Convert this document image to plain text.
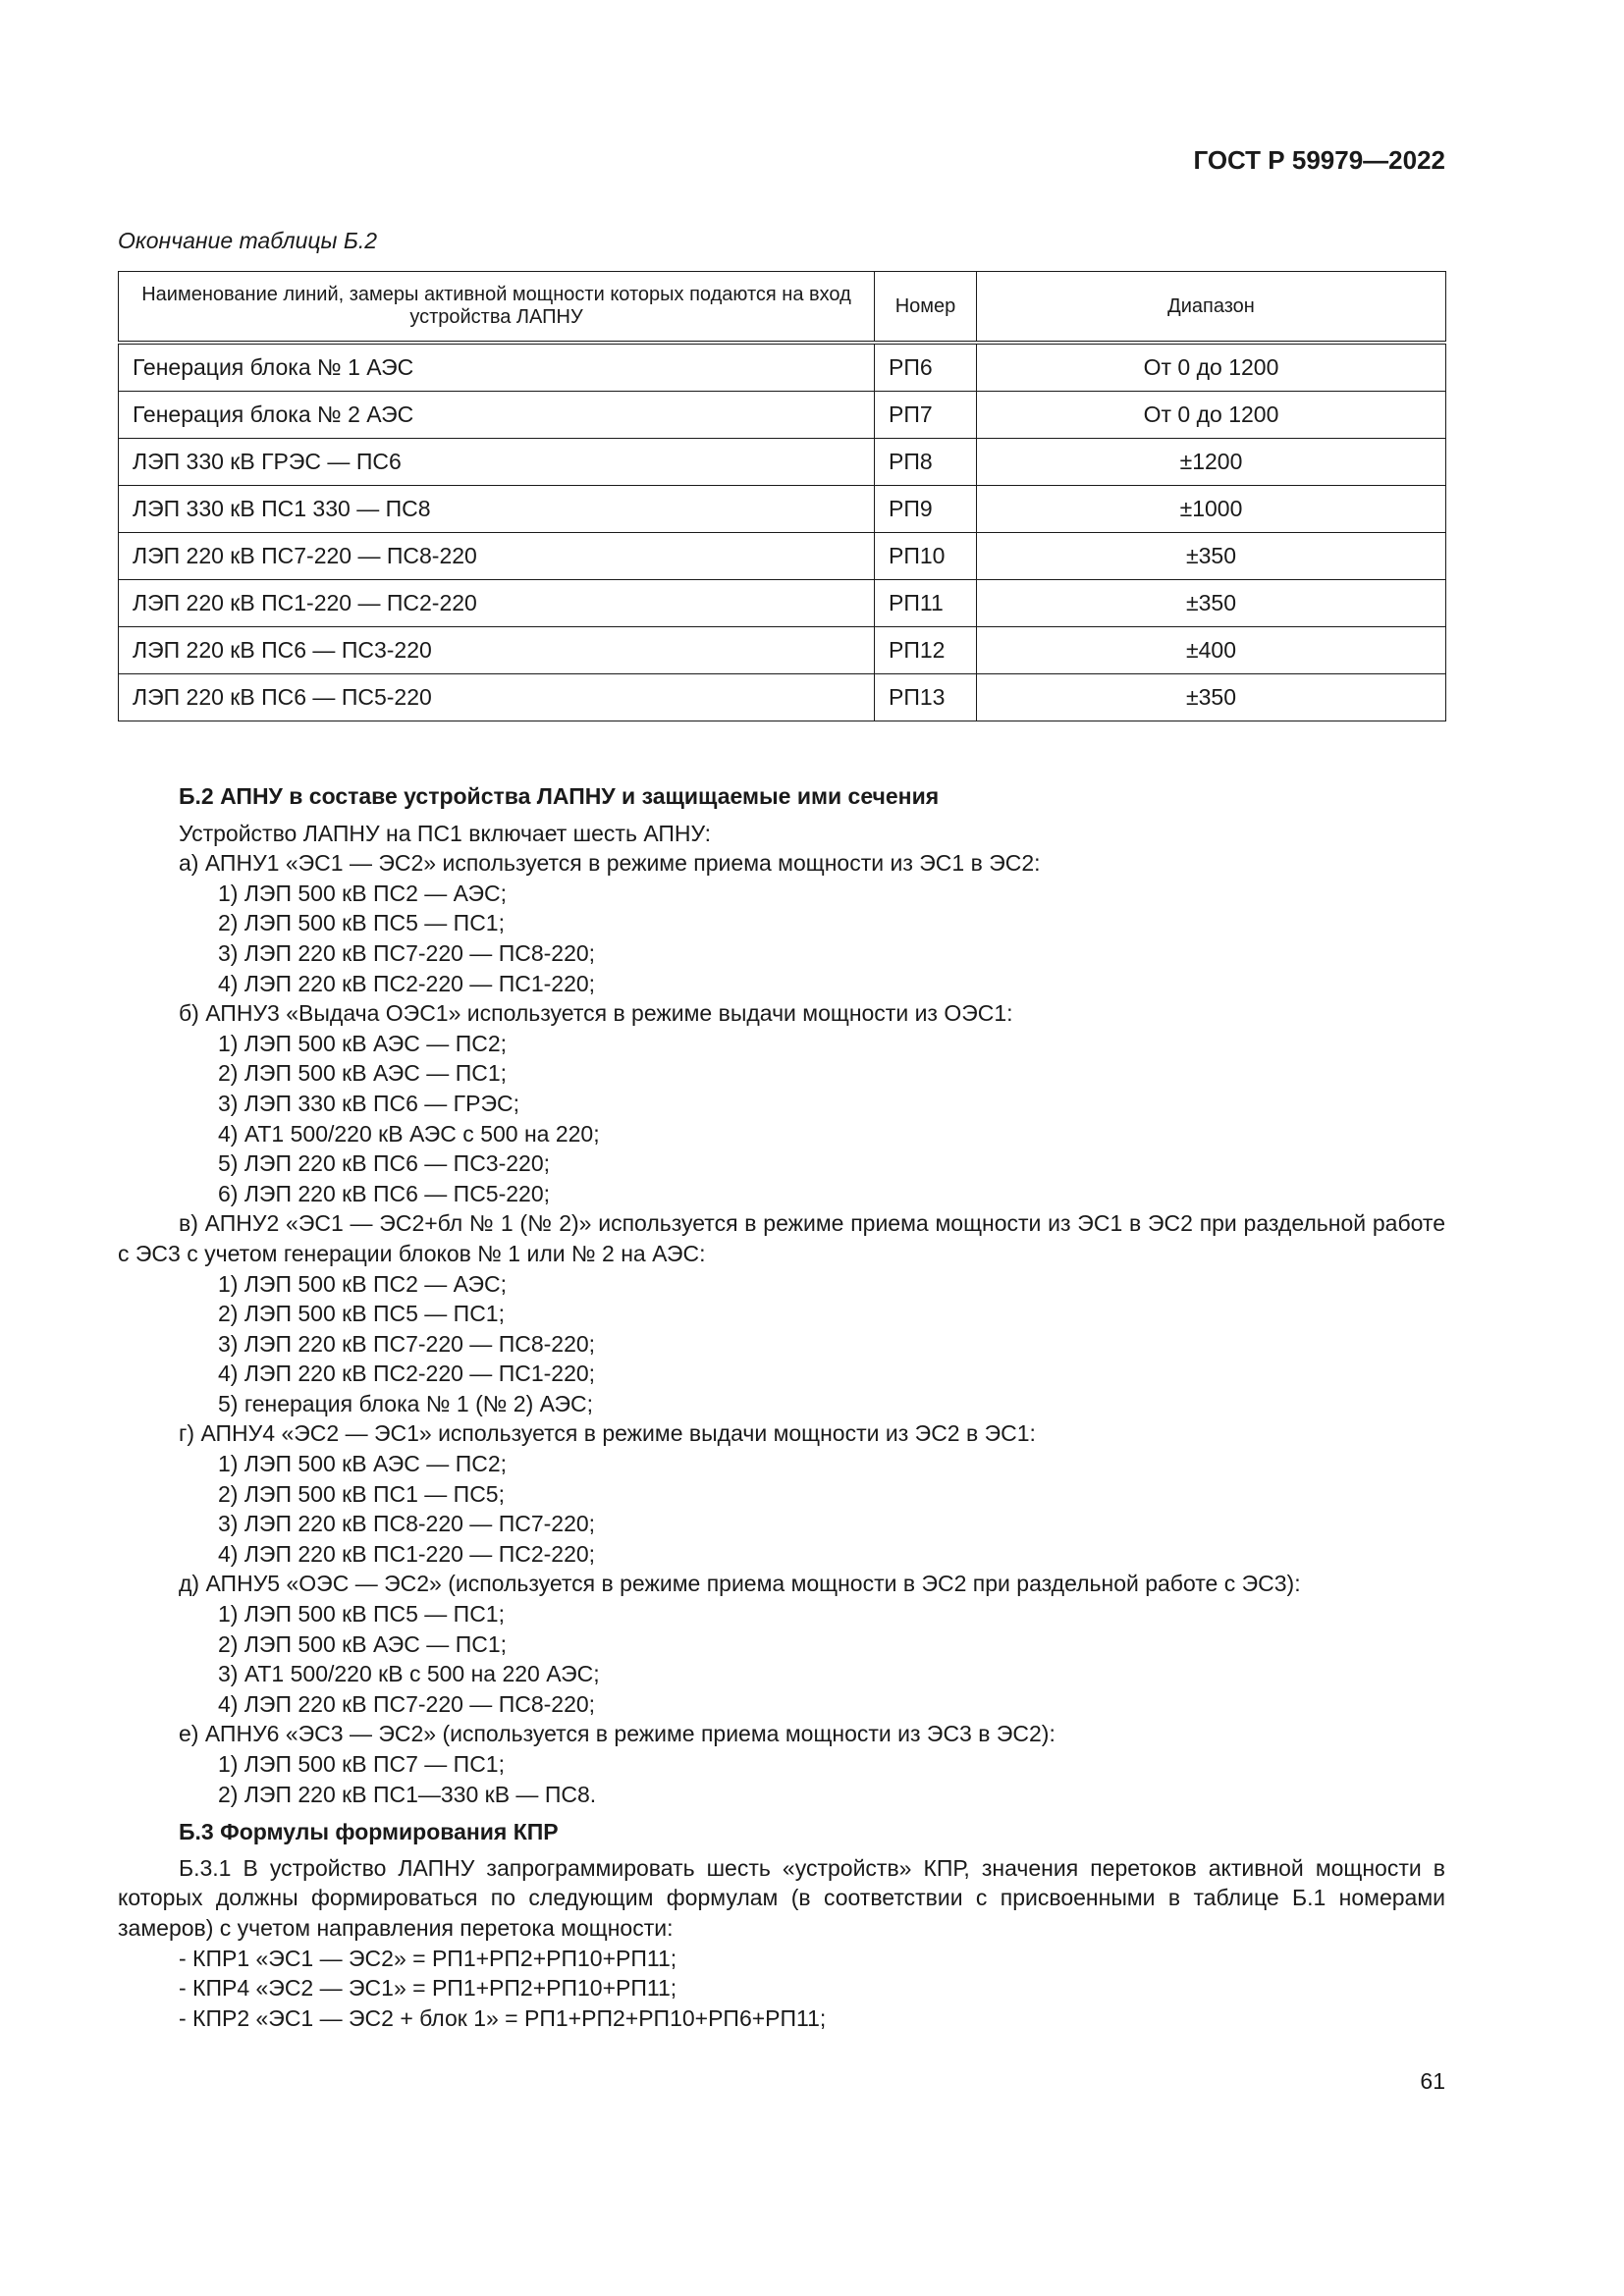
ГОСТ Р 59979—2022
Окончание таблицы Б.2
Наименование линий, замеры активной мощности которых подаются на вход устройства ЛАПНУ	Номер	Диапазон
Генерация блока № 1 АЭС	РП6	От 0 до 1200
Генерация блока № 2 АЭС	РП7	От 0 до 1200
ЛЭП 330 кВ ГРЭС — ПС6	РП8	±1200
ЛЭП 330 кВ ПС1 330 — ПС8	РП9	±1000
ЛЭП 220 кВ ПС7-220 — ПС8-220	РП10	±350
ЛЭП 220 кВ ПС1-220 — ПС2-220	РП11	±350
ЛЭП 220 кВ ПС6 — ПС3-220	РП12	±400
ЛЭП 220 кВ ПС6 — ПС5-220	РП13	±350

Б.2 АПНУ в составе устройства ЛАПНУ и защищаемые ими сечения

Устройство ЛАПНУ на ПС1 включает шесть АПНУ:

а) АПНУ1 «ЭС1 — ЭС2» используется в режиме приема мощности из ЭС1 в ЭС2:

1) ЛЭП 500 кВ ПС2 — АЭС;

2) ЛЭП 500 кВ ПС5 — ПС1;

3) ЛЭП 220 кВ ПС7-220 — ПС8-220;

4) ЛЭП 220 кВ ПС2-220 — ПС1-220;

б) АПНУ3 «Выдача ОЭС1» используется в режиме выдачи мощности из ОЭС1:

1) ЛЭП 500 кВ АЭС — ПС2;

2) ЛЭП 500 кВ АЭС — ПС1;

3) ЛЭП 330 кВ ПС6 — ГРЭС;

4) АТ1 500/220 кВ АЭС с 500 на 220;

5) ЛЭП 220 кВ ПС6 — ПС3-220;

6) ЛЭП 220 кВ ПС6 — ПС5-220;

в) АПНУ2 «ЭС1 — ЭС2+бл № 1 (№ 2)» используется в режиме приема мощности из ЭС1 в ЭС2 при раздельной работе с ЭС3 с учетом генерации блоков № 1 или № 2 на АЭС:

1) ЛЭП 500 кВ ПС2 — АЭС;

2) ЛЭП 500 кВ ПС5 — ПС1;

3) ЛЭП 220 кВ ПС7-220 — ПС8-220;

4) ЛЭП 220 кВ ПС2-220 — ПС1-220;

5) генерация блока № 1 (№ 2) АЭС;

г) АПНУ4 «ЭС2 — ЭС1» используется в режиме выдачи мощности из ЭС2 в ЭС1:

1) ЛЭП 500 кВ АЭС — ПС2;

2) ЛЭП 500 кВ ПС1 — ПС5;

3) ЛЭП 220 кВ ПС8-220 — ПС7-220;

4) ЛЭП 220 кВ ПС1-220 — ПС2-220;

д) АПНУ5 «ОЭС — ЭС2» (используется в режиме приема мощности в ЭС2 при раздельной работе с ЭС3):

1) ЛЭП 500 кВ ПС5 — ПС1;

2) ЛЭП 500 кВ АЭС — ПС1;

3) АТ1 500/220 кВ с 500 на 220 АЭС;

4) ЛЭП 220 кВ ПС7-220 — ПС8-220;

е) АПНУ6 «ЭС3 — ЭС2» (используется в режиме приема мощности из ЭС3 в ЭС2):

1) ЛЭП 500 кВ ПС7 — ПС1;

2) ЛЭП 220 кВ ПС1—330 кВ — ПС8.

Б.3 Формулы формирования КПР

Б.3.1 В устройство ЛАПНУ запрограммировать шесть «устройств» КПР, значения перетоков активной мощности в которых должны формироваться по следующим формулам (в соответствии с присвоенными в таблице Б.1 номерами замеров) с учетом направления перетока мощности:

- КПР1 «ЭС1 — ЭС2» = РП1+РП2+РП10+РП11;

- КПР4 «ЭС2 — ЭС1» = РП1+РП2+РП10+РП11;

- КПР2 «ЭС1 — ЭС2 + блок 1» = РП1+РП2+РП10+РП6+РП11;

61
